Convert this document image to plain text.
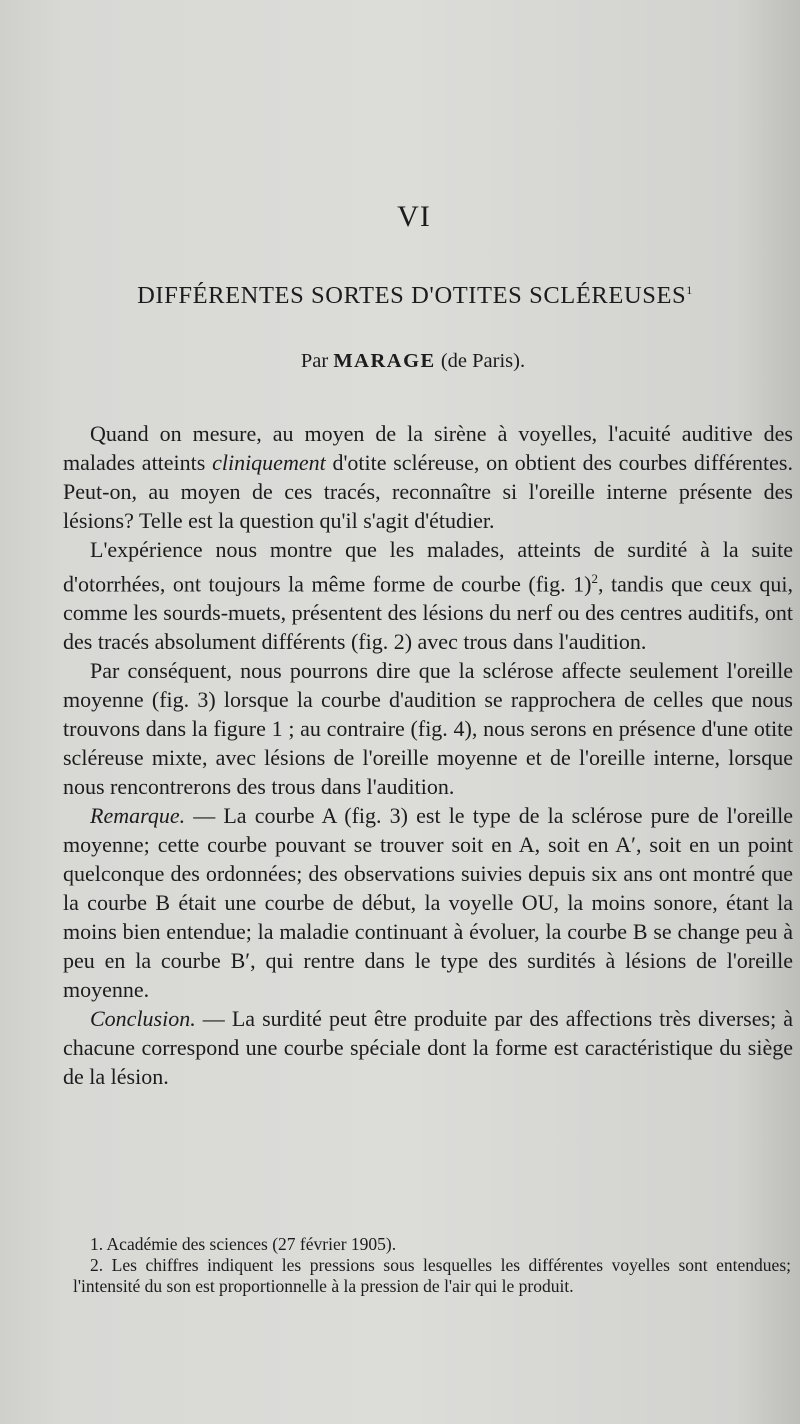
VI
DIFFÉRENTES SORTES D'OTITES SCLÉREUSES$^1$
Par MARAGE (de Paris).

Quand on mesure, au moyen de la sirène à voyelles, l'acuité auditive des malades atteints cliniquement d'otite scléreuse, on obtient des courbes différentes. Peut-on, au moyen de ces tracés, reconnaître si l'oreille interne présente des lésions? Telle est la question qu'il s'agit d'étudier.

L'expérience nous montre que les malades, atteints de surdité à la suite d'otorrhées, ont toujours la même forme de courbe (fig. 1)$^2$, tandis que ceux qui, comme les sourds-muets, présentent des lésions du nerf ou des centres auditifs, ont des tracés absolument différents (fig. 2) avec trous dans l'audition.

Par conséquent, nous pourrons dire que la sclérose affecte seulement l'oreille moyenne (fig. 3) lorsque la courbe d'audition se rapprochera de celles que nous trouvons dans la figure 1 ; au contraire (fig. 4), nous serons en présence d'une otite scléreuse mixte, avec lésions de l'oreille moyenne et de l'oreille interne, lorsque nous rencontrerons des trous dans l'audition.

Remarque. — La courbe A (fig. 3) est le type de la sclérose pure de l'oreille moyenne; cette courbe pouvant se trouver soit en A, soit en A′, soit en un point quelconque des ordonnées; des observations suivies depuis six ans ont montré que la courbe B était une courbe de début, la voyelle OU, la moins sonore, étant la moins bien entendue; la maladie continuant à évoluer, la courbe B se change peu à peu en la courbe B′, qui rentre dans le type des surdités à lésions de l'oreille moyenne.

Conclusion. — La surdité peut être produite par des affections très diverses; à chacune correspond une courbe spéciale dont la forme est caractéristique du siège de la lésion.

1. Académie des sciences (27 février 1905).

2. Les chiffres indiquent les pressions sous lesquelles les différentes voyelles sont entendues; l'intensité du son est proportionnelle à la pression de l'air qui le produit.
